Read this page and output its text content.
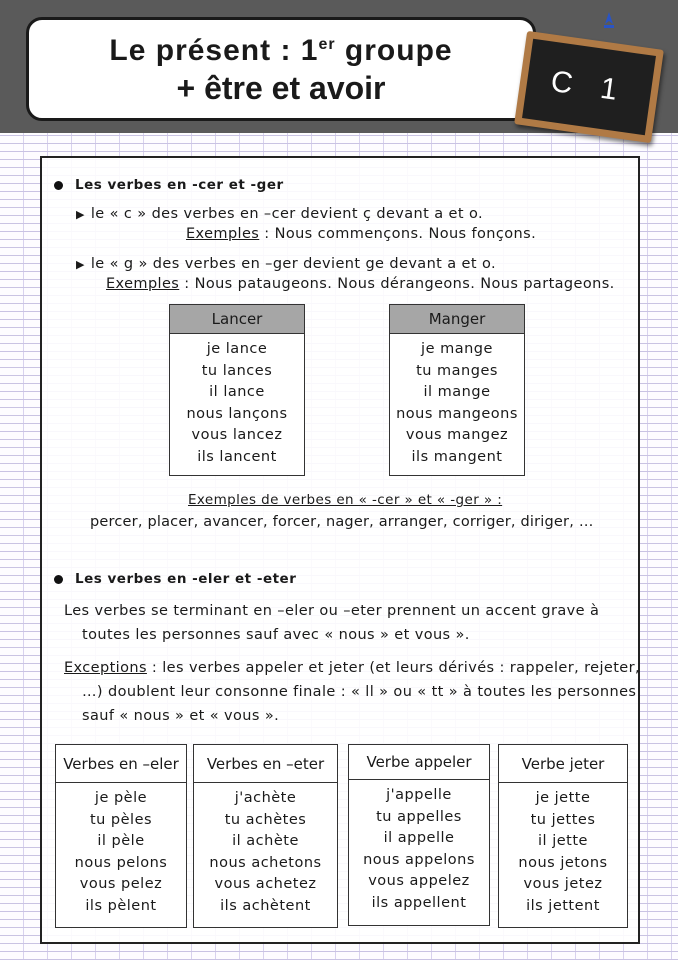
Le présent : 1er groupe
+ être et avoir	C 1
Les verbes en -cer et -ger
▶ le « c » des verbes en –cer devient ç devant a et o.
Exemples : Nous commençons. Nous fonçons.
▶ le « g » des verbes en –ger devient ge devant a et o.
Exemples : Nous pataugeons. Nous dérangeons. Nous partageons.
Lancer
je lance
tu lances
il lance
nous lançons
vous lancez
ils lancent
Manger
je mange
tu manges
il mange
nous mangeons
vous mangez
ils mangent
Exemples de verbes en « -cer » et « -ger » :
percer, placer, avancer, forcer, nager, arranger, corriger, diriger, …
Les verbes en -eler et -eter
Les verbes se terminant en –eler ou –eter prennent un accent grave à
toutes les personnes sauf avec « nous » et vous ».
Exceptions : les verbes appeler et jeter (et leurs dérivés : rappeler, rejeter,
…) doublent leur consonne finale : « ll » ou « tt » à toutes les personnes
sauf « nous » et « vous ».
Verbes en –eler
je pèle
tu pèles
il pèle
nous pelons
vous pelez
ils pèlent
Verbes en –eter
j'achète
tu achètes
il achète
nous achetons
vous achetez
ils achètent
Verbe appeler
j'appelle
tu appelles
il appelle
nous appelons
vous appelez
ils appellent
Verbe jeter
je jette
tu jettes
il jette
nous jetons
vous jetez
ils jettent
